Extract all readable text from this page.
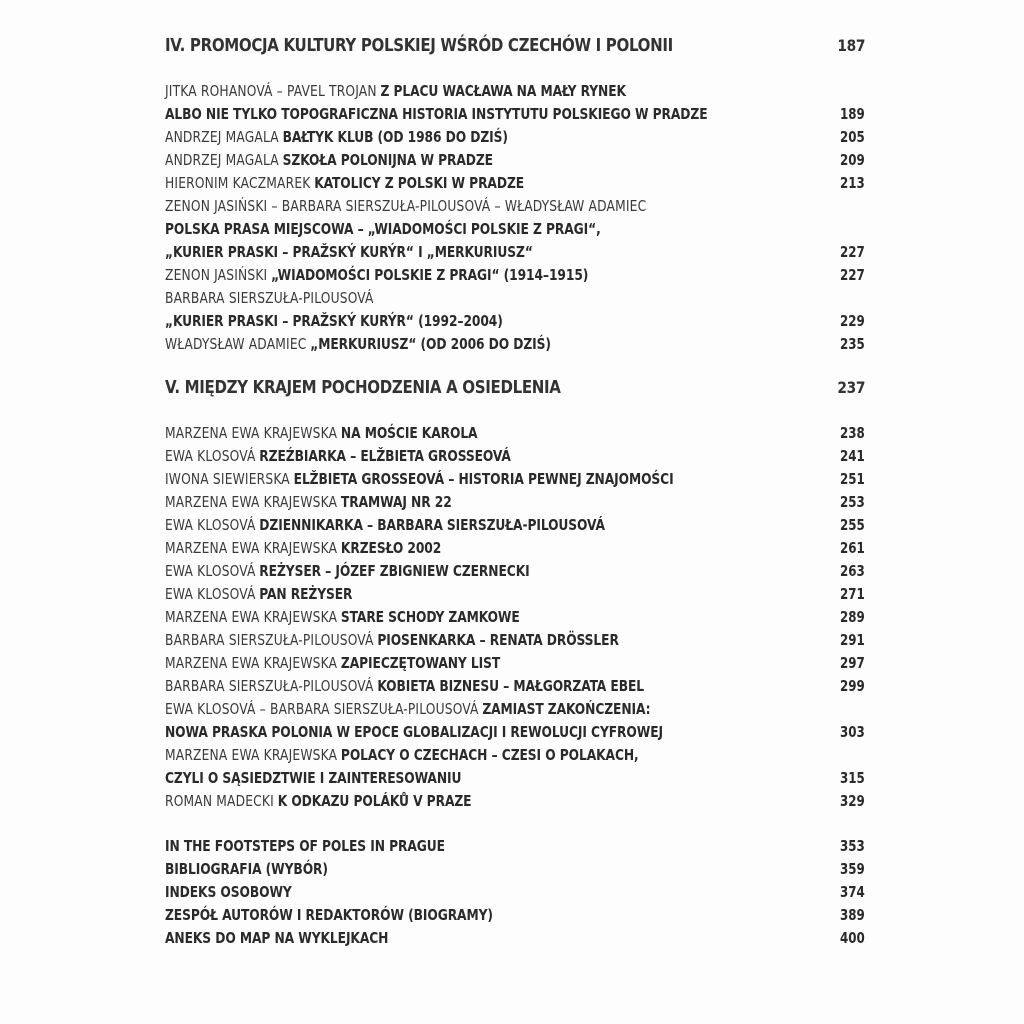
IV. PROMOCJA KULTURY POLSKIEJ WŚRÓD CZECHÓW I POLONII	187
JITKA ROHANOVÁ – PAVEL TROJAN Z PLACU WACŁAWA NA MAŁY RYNEK
ALBO NIE TYLKO TOPOGRAFICZNA HISTORIA INSTYTUTU POLSKIEGO W PRADZE	189
ANDRZEJ MAGALA BAŁTYK KLUB (OD 1986 DO DZIŚ)	205
ANDRZEJ MAGALA SZKOŁA POLONIJNA W PRADZE	209
HIERONIM KACZMAREK KATOLICY Z POLSKI W PRADZE	213
ZENON JASIŃSKI – BARBARA SIERSZUŁA-PILOUSOVÁ – WŁADYSŁAW ADAMIEC
POLSKA PRASA MIEJSCOWA – „WIADOMOŚCI POLSKIE Z PRAGI“,
„KURIER PRASKI – PRAŽSKÝ KURÝR“ I „MERKURIUSZ“	227
ZENON JASIŃSKI „WIADOMOŚCI POLSKIE Z PRAGI“ (1914–1915)	227
BARBARA SIERSZUŁA-PILOUSOVÁ
„KURIER PRASKI – PRAŽSKÝ KURÝR“ (1992–2004)	229
WŁADYSŁAW ADAMIEC „MERKURIUSZ“ (OD 2006 DO DZIŚ)	235
V. MIĘDZY KRAJEM POCHODZENIA A OSIEDLENIA	237
MARZENA EWA KRAJEWSKA NA MOŚCIE KAROLA	238
EWA KLOSOVÁ RZEŹBIARKA – ELŽBIETA GROSSEOVÁ	241
IWONA SIEWIERSKA ELŽBIETA GROSSEOVÁ – HISTORIA PEWNEJ ZNAJOMOŚCI	251
MARZENA EWA KRAJEWSKA TRAMWAJ NR 22	253
EWA KLOSOVÁ DZIENNIKARKA – BARBARA SIERSZUŁA-PILOUSOVÁ	255
MARZENA EWA KRAJEWSKA KRZESŁO 2002	261
EWA KLOSOVÁ REŻYSER – JÓZEF ZBIGNIEW CZERNECKI	263
EWA KLOSOVÁ PAN REŻYSER	271
MARZENA EWA KRAJEWSKA STARE SCHODY ZAMKOWE	289
BARBARA SIERSZUŁA-PILOUSOVÁ PIOSENKARKA – RENATA DRÖSSLER	291
MARZENA EWA KRAJEWSKA ZAPIECZĘTOWANY LIST	297
BARBARA SIERSZUŁA-PILOUSOVÁ KOBIETA BIZNESU – MAŁGORZATA EBEL	299
EWA KLOSOVÁ – BARBARA SIERSZUŁA-PILOUSOVÁ ZAMIAST ZAKOŃCZENIA:
NOWA PRASKA POLONIA W EPOCE GLOBALIZACJI I REWOLUCJI CYFROWEJ	303
MARZENA EWA KRAJEWSKA POLACY O CZECHACH – CZESI O POLAKACH,
CZYLI O SĄSIEDZTWIE I ZAINTERESOWANIU	315
ROMAN MADECKI K ODKAZU POLÁKŮ V PRAZE	329
IN THE FOOTSTEPS OF POLES IN PRAGUE	353
BIBLIOGRAFIA (WYBÓR)	359
INDEKS OSOBOWY	374
ZESPÓŁ AUTORÓW I REDAKTORÓW (BIOGRAMY)	389
ANEKS DO MAP NA WYKLEJKACH	400
